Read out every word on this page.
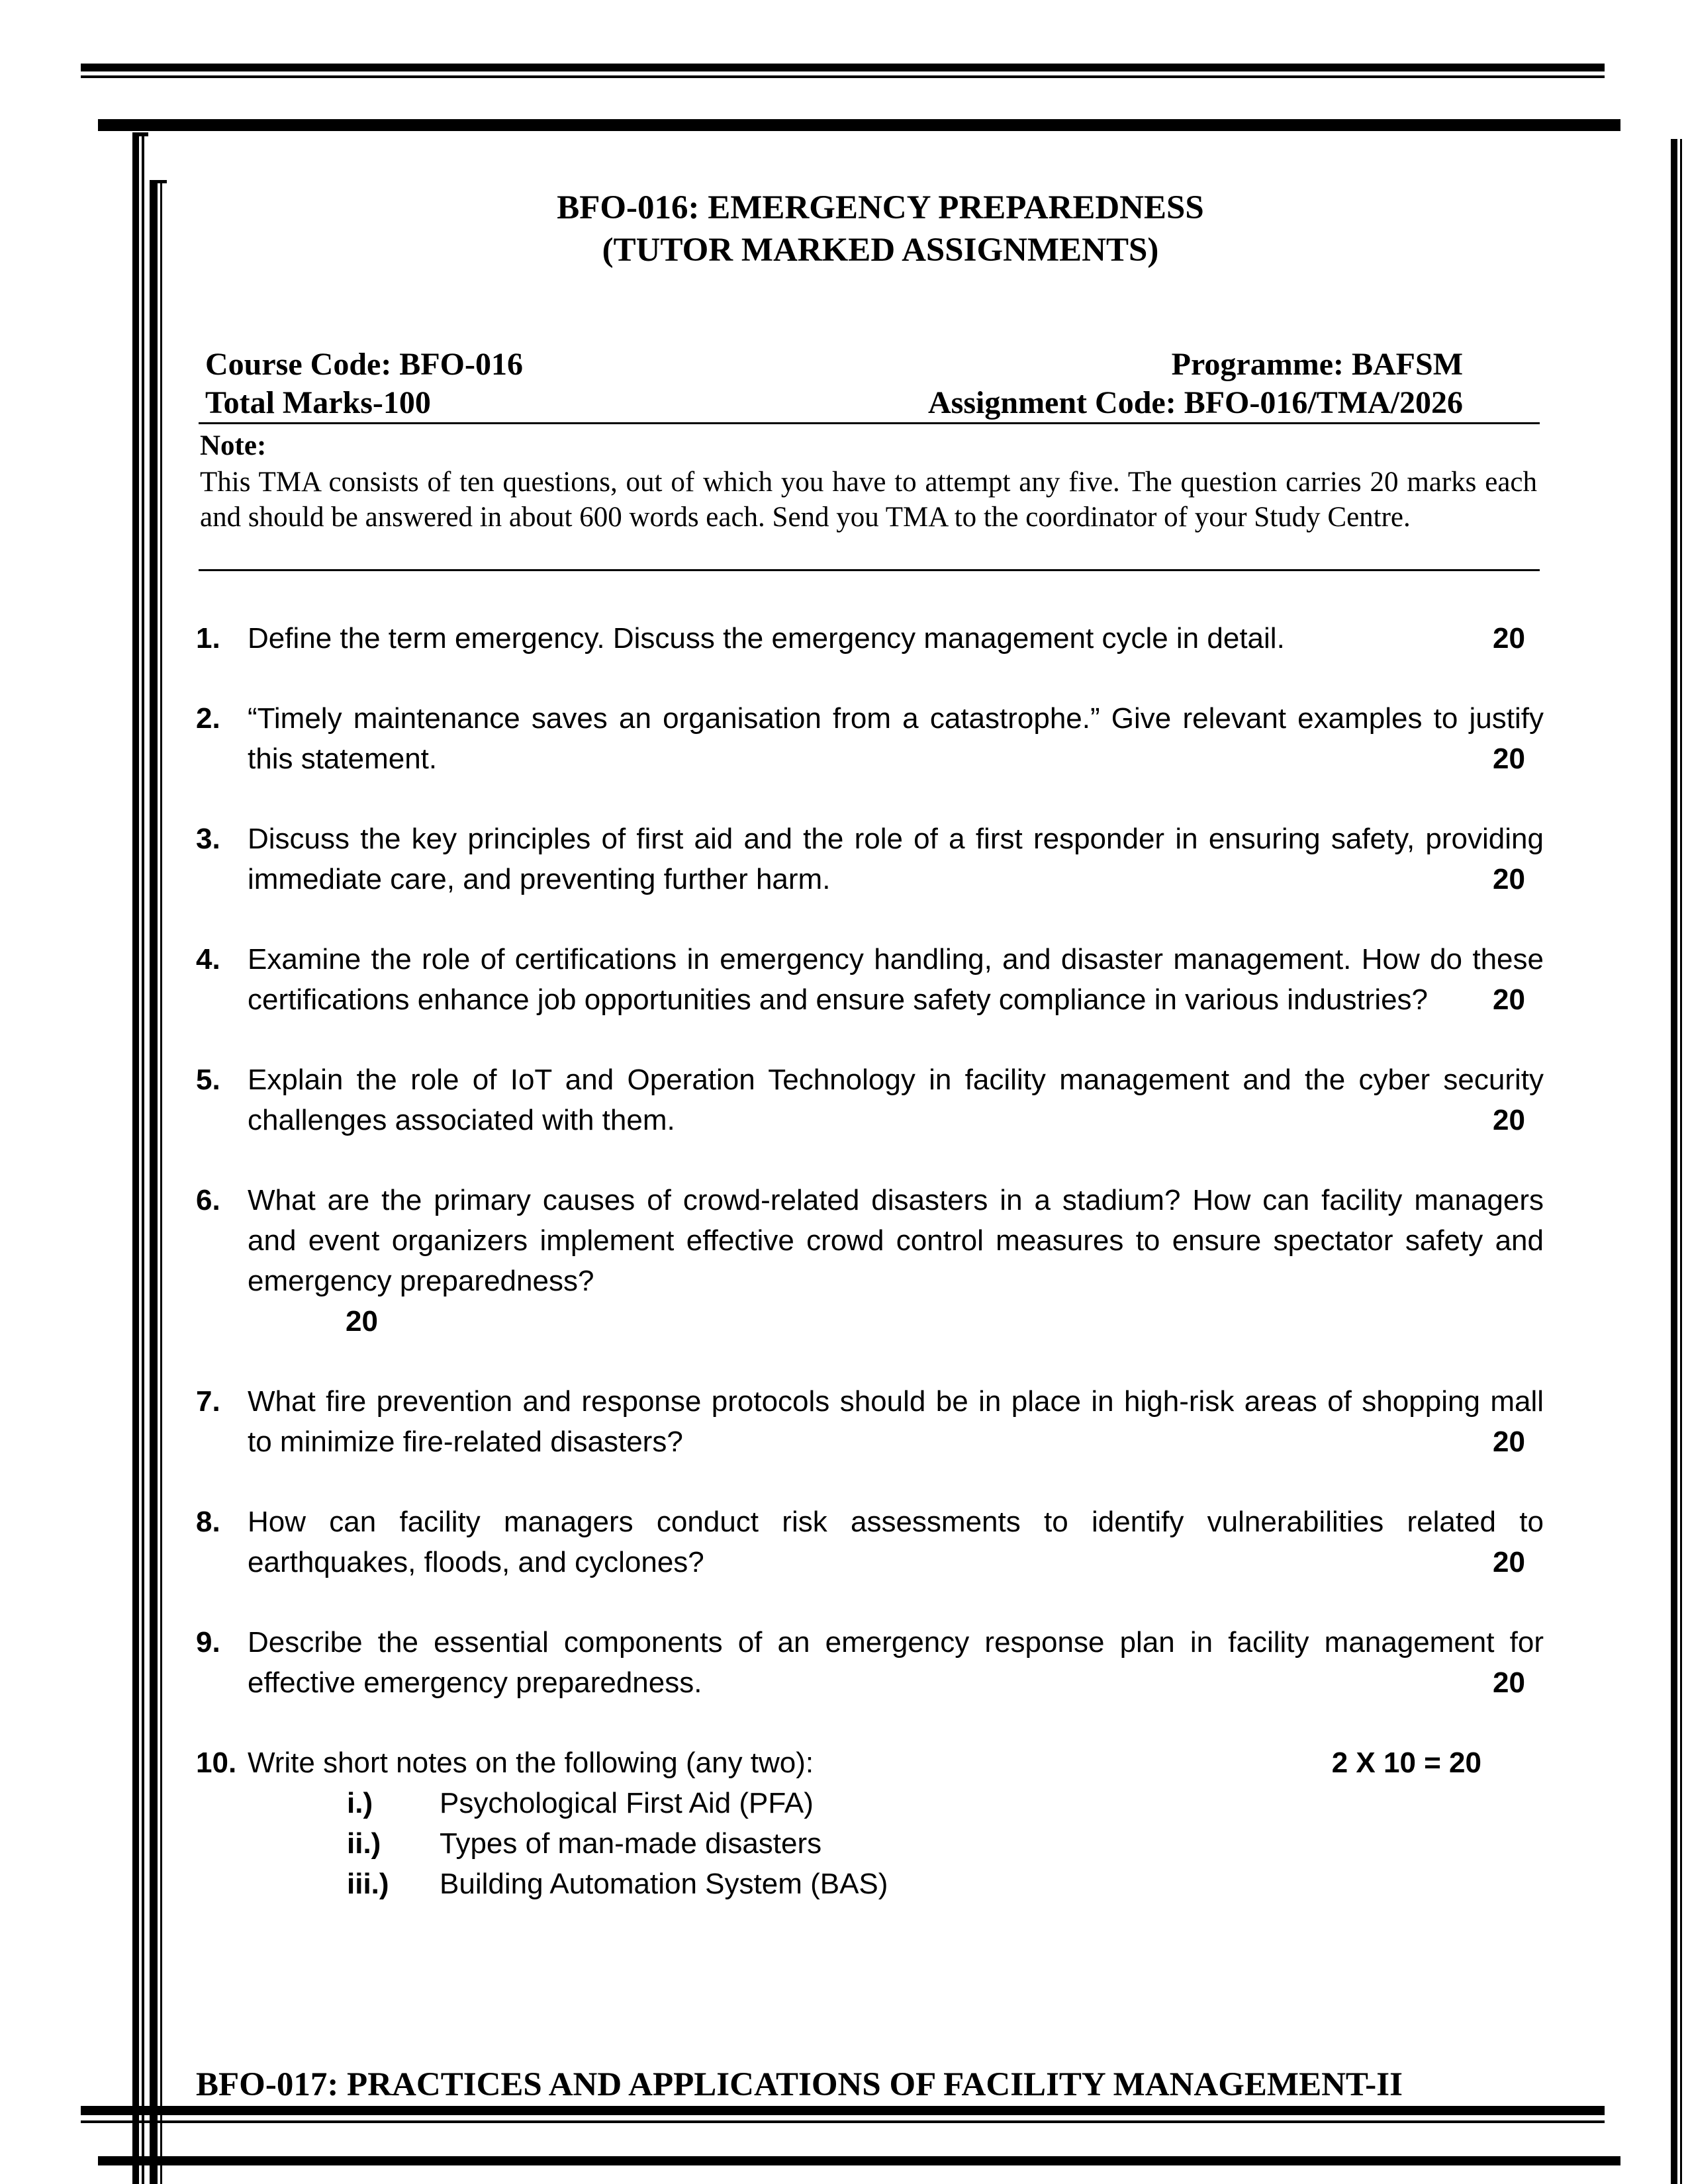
BFO-016: EMERGENCY PREPAREDNESS
(TUTOR MARKED ASSIGNMENTS)
Course Code: BFO-016	Programme: BAFSM
Total Marks-100	Assignment Code: BFO-016/TMA/2026
Note:
This TMA consists of ten questions, out of which you have to attempt any five. The question carries 20 marks each and should be answered in about 600 words each. Send you TMA to the coordinator of your Study Centre.
1. Define the term emergency. Discuss the emergency management cycle in detail.	20
2. “Timely maintenance saves an organisation from a catastrophe.” Give relevant examples to justify this statement.	20
3. Discuss the key principles of first aid and the role of a first responder in ensuring safety, providing immediate care, and preventing further harm.	20
4. Examine the role of certifications in emergency handling, and disaster management. How do these certifications enhance job opportunities and ensure safety compliance in various industries?	20
5. Explain the role of IoT and Operation Technology in facility management and the cyber security challenges associated with them.	20
6. What are the primary causes of crowd-related disasters in a stadium? How can facility managers and event organizers implement effective crowd control measures to ensure spectator safety and emergency preparedness?
20
7. What fire prevention and response protocols should be in place in high-risk areas of shopping mall to minimize fire-related disasters?	20
8. How can facility managers conduct risk assessments to identify vulnerabilities related to earthquakes, floods, and cyclones?	20
9. Describe the essential components of an emergency response plan in facility management for effective emergency preparedness.	20
10. Write short notes on the following (any two):	2 X 10 = 20
i.) Psychological First Aid (PFA)
ii.) Types of man-made disasters
iii.) Building Automation System (BAS)
BFO-017: PRACTICES AND APPLICATIONS OF FACILITY MANAGEMENT-II
